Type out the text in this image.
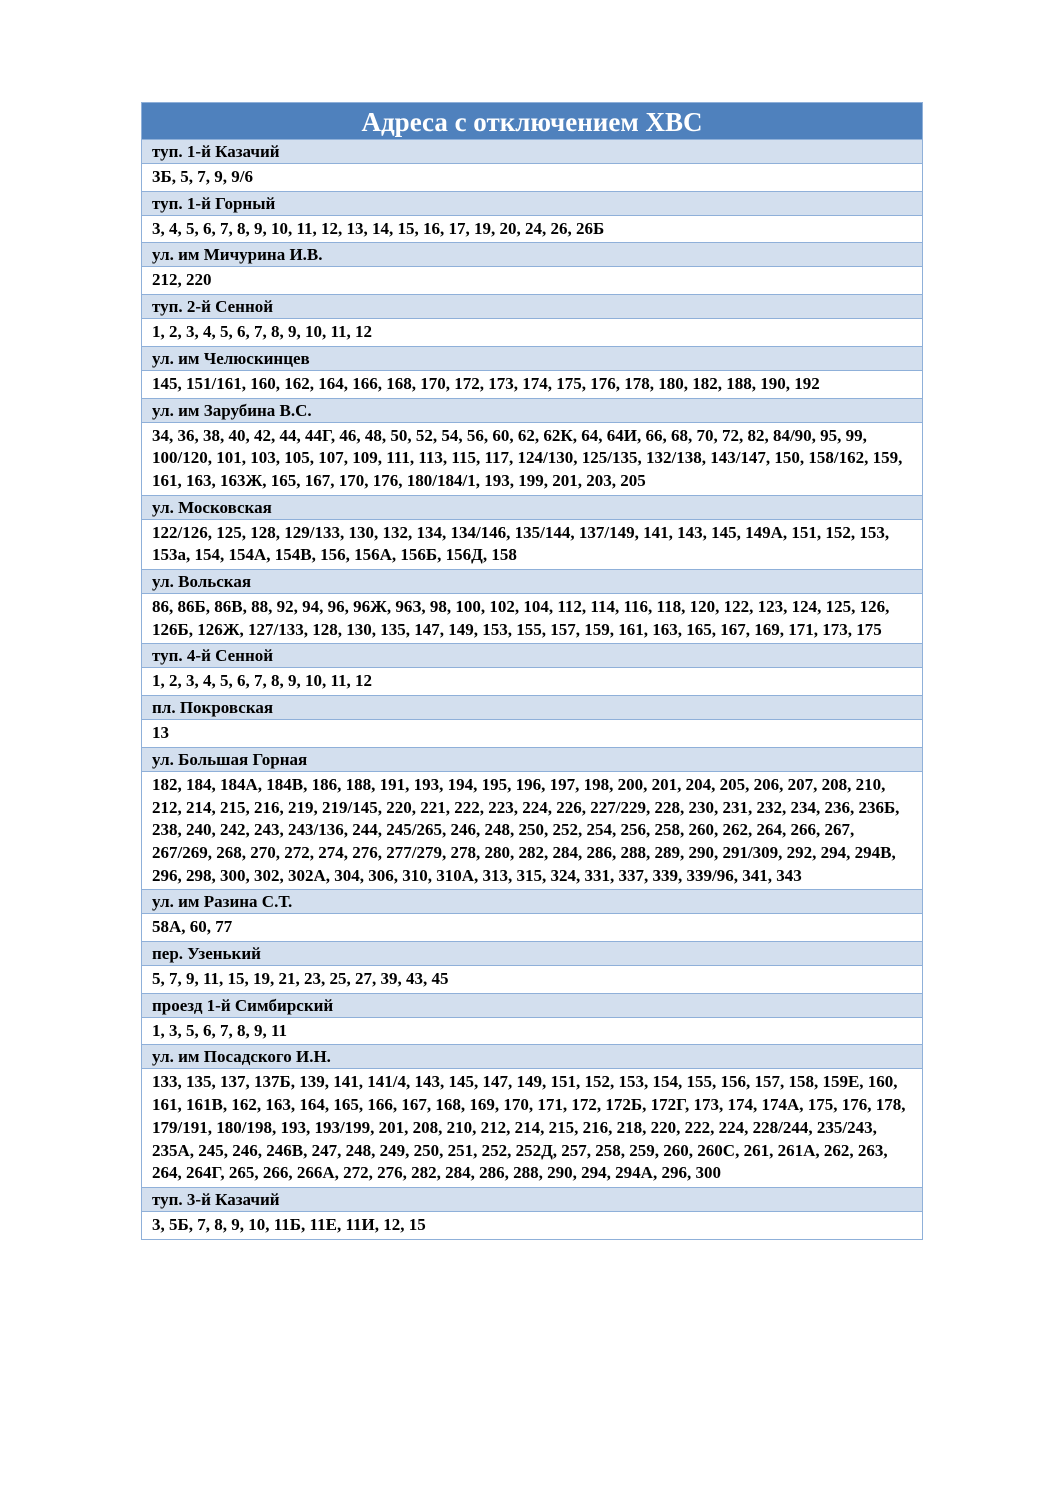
Адреса с отключением ХВС
туп. 1-й Казачий
3Б, 5, 7, 9, 9/6
туп. 1-й Горный
3, 4, 5, 6, 7, 8, 9, 10, 11, 12, 13, 14, 15, 16, 17, 19, 20, 24, 26, 26Б
ул. им Мичурина И.В.
212, 220
туп. 2-й Сенной
1, 2, 3, 4, 5, 6, 7, 8, 9, 10, 11, 12
ул. им Челюскинцев
145, 151/161, 160, 162, 164, 166, 168, 170, 172, 173, 174, 175, 176, 178, 180, 182, 188, 190, 192
ул. им Зарубина В.С.
34, 36, 38, 40, 42, 44, 44Г, 46, 48, 50, 52, 54, 56, 60, 62, 62К, 64, 64И, 66, 68, 70, 72, 82, 84/90, 95, 99, 100/120, 101, 103, 105, 107, 109, 111, 113, 115, 117, 124/130, 125/135, 132/138, 143/147, 150, 158/162, 159, 161, 163, 163Ж, 165, 167, 170, 176, 180/184/1, 193, 199, 201, 203, 205
ул. Московская
122/126, 125, 128, 129/133, 130, 132, 134, 134/146, 135/144, 137/149, 141, 143, 145, 149А, 151, 152, 153, 153а, 154, 154А, 154В, 156, 156А, 156Б, 156Д, 158
ул. Вольская
86, 86Б, 86В, 88, 92, 94, 96, 96Ж, 96З, 98, 100, 102, 104, 112, 114, 116, 118, 120, 122, 123, 124, 125, 126, 126Б, 126Ж, 127/133, 128, 130, 135, 147, 149, 153, 155, 157, 159, 161, 163, 165, 167, 169, 171, 173, 175
туп. 4-й Сенной
1, 2, 3, 4, 5, 6, 7, 8, 9, 10, 11, 12
пл. Покровская
13
ул. Большая Горная
182, 184, 184А, 184В, 186, 188, 191, 193, 194, 195, 196, 197, 198, 200, 201, 204, 205, 206, 207, 208, 210, 212, 214, 215, 216, 219, 219/145, 220, 221, 222, 223, 224, 226, 227/229, 228, 230, 231, 232, 234, 236, 236Б, 238, 240, 242, 243, 243/136, 244, 245/265, 246, 248, 250, 252, 254, 256, 258, 260, 262, 264, 266, 267, 267/269, 268, 270, 272, 274, 276, 277/279, 278, 280, 282, 284, 286, 288, 289, 290, 291/309, 292, 294, 294В, 296, 298, 300, 302, 302А, 304, 306, 310, 310А, 313, 315, 324, 331, 337, 339, 339/96, 341, 343
ул. им Разина С.Т.
58А, 60, 77
пер. Узенький
5, 7, 9, 11, 15, 19, 21, 23, 25, 27, 39, 43, 45
проезд 1-й Симбирский
1, 3, 5, 6, 7, 8, 9, 11
ул. им Посадского И.Н.
133, 135, 137, 137Б, 139, 141, 141/4, 143, 145, 147, 149, 151, 152, 153, 154, 155, 156, 157, 158, 159Е, 160, 161, 161В, 162, 163, 164, 165, 166, 167, 168, 169, 170, 171, 172, 172Б, 172Г, 173, 174, 174А, 175, 176, 178, 179/191, 180/198, 193, 193/199, 201, 208, 210, 212, 214, 215, 216, 218, 220, 222, 224, 228/244, 235/243, 235А, 245, 246, 246В, 247, 248, 249, 250, 251, 252, 252Д, 257, 258, 259, 260, 260С, 261, 261А, 262, 263, 264, 264Г, 265, 266, 266А, 272, 276, 282, 284, 286, 288, 290, 294, 294А, 296, 300
туп. 3-й Казачий
3, 5Б, 7, 8, 9, 10, 11Б, 11Е, 11И, 12, 15
